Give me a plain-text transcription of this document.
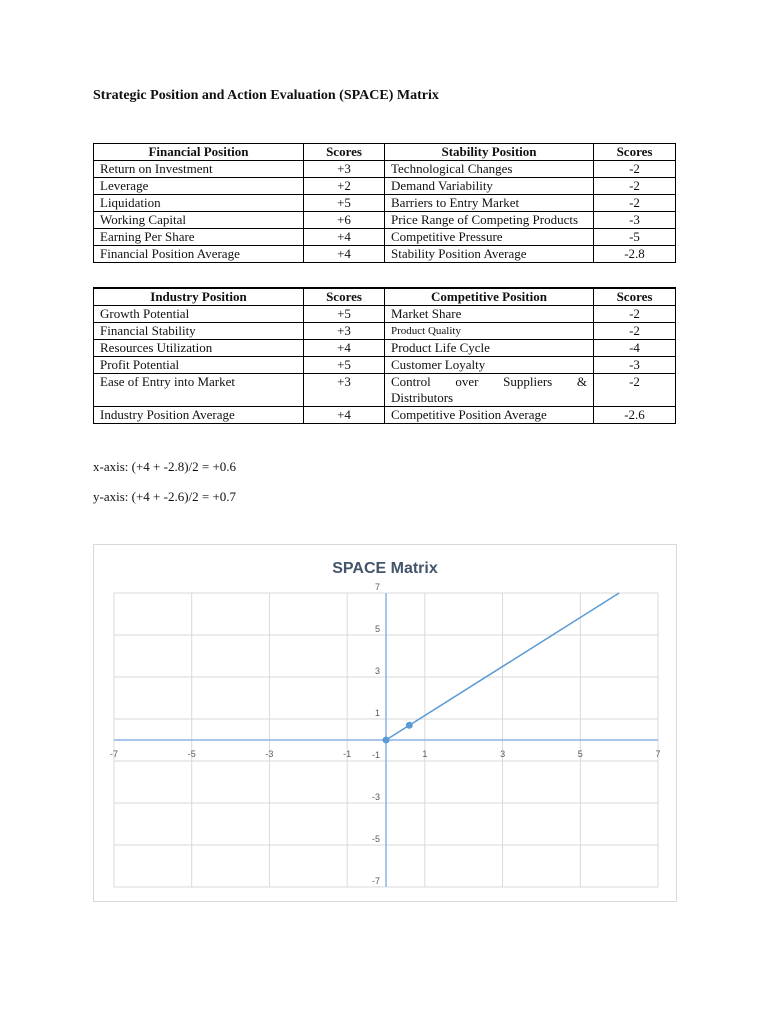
Strategic Position and Action Evaluation (SPACE) Matrix
Financial Position	Scores	Stability Position	Scores
Return on Investment	+3	Technological Changes	-2
Leverage	+2	Demand Variability	-2
Liquidation	+5	Barriers to Entry Market	-2
Working Capital	+6	Price Range of Competing Products	-3
Earning Per Share	+4	Competitive Pressure	-5
Financial Position Average	+4	Stability Position Average	-2.8
Industry Position	Scores	Competitive Position	Scores
Growth Potential	+5	Market Share	-2
Financial Stability	+3	Product Quality	-2
Resources Utilization	+4	Product Life Cycle	-4
Profit Potential	+5	Customer Loyalty	-3
Ease of Entry into Market	+3	Control over Suppliers & Distributors	-2
Industry Position Average	+4	Competitive Position Average	-2.6
x-axis: (+4 + -2.8)/2 = +0.6
y-axis: (+4 + -2.6)/2 = +0.7
SPACE Matrix
-7	-5	-3	-1	1	3	5	7
7
5
3
1
-1
-3
-5
-7
